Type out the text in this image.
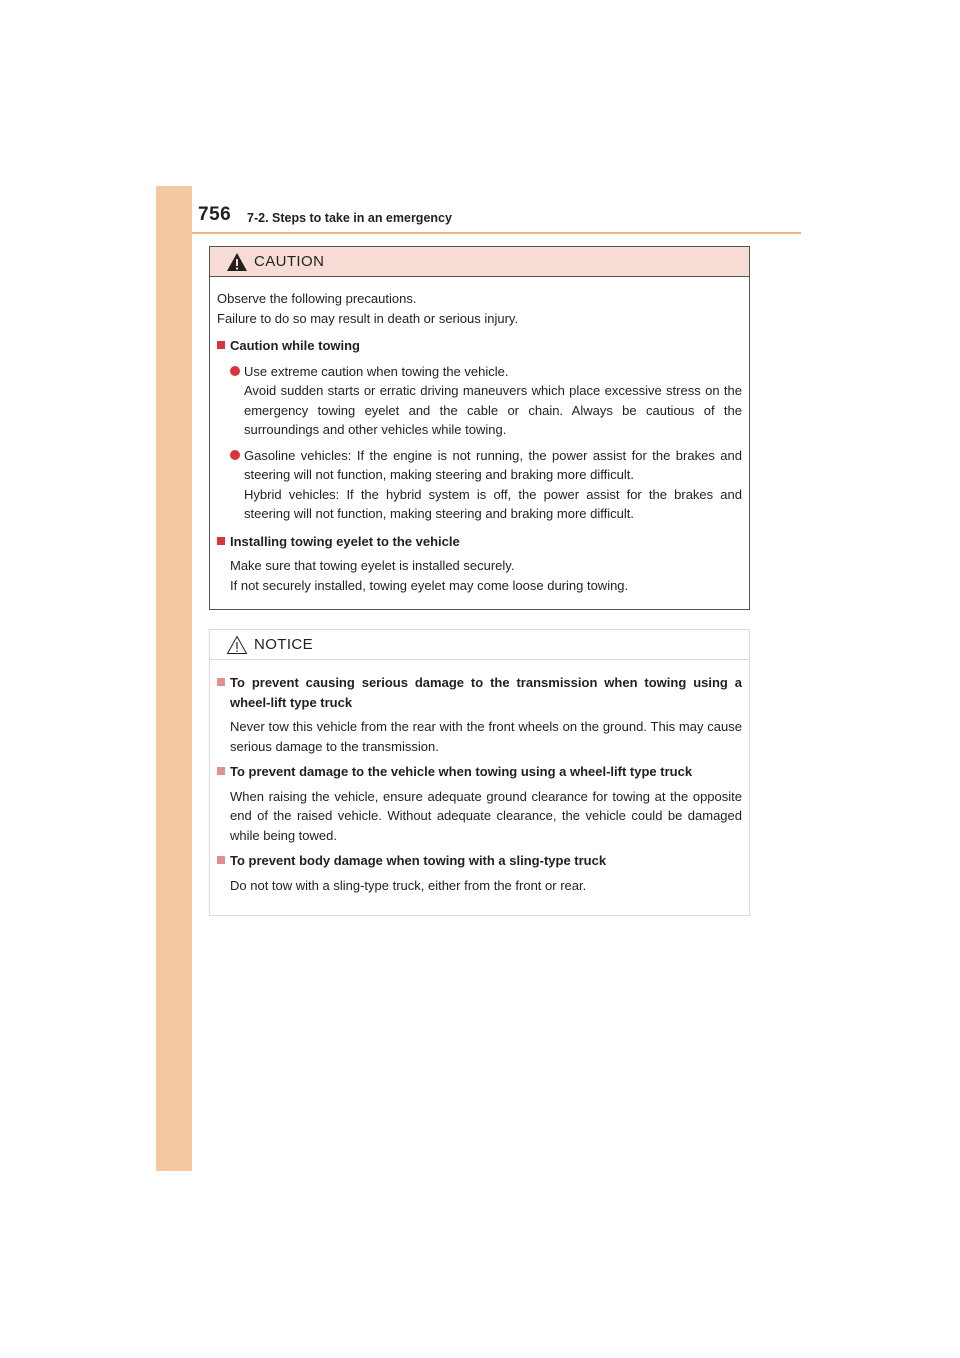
756 7-2. Steps to take in an emergency
CAUTION

Observe the following precautions.

Failure to do so may result in death or serious injury.

Caution while towing

Use extreme caution when towing the vehicle.

Avoid sudden starts or erratic driving maneuvers which place excessive stress on the emergency towing eyelet and the cable or chain. Always be cautious of the surroundings and other vehicles while towing.

Gasoline vehicles: If the engine is not running, the power assist for the brakes and steering will not function, making steering and braking more difficult.

Hybrid vehicles: If the hybrid system is off, the power assist for the brakes and steering will not function, making steering and braking more difficult.

Installing towing eyelet to the vehicle

Make sure that towing eyelet is installed securely.

If not securely installed, towing eyelet may come loose during towing.

NOTICE
To prevent causing serious damage to the transmission when towing using a wheel-lift type truck

Never tow this vehicle from the rear with the front wheels on the ground. This may cause serious damage to the transmission.

To prevent damage to the vehicle when towing using a wheel-lift type truck

When raising the vehicle, ensure adequate ground clearance for towing at the opposite end of the raised vehicle. Without adequate clearance, the vehicle could be damaged while being towed.

To prevent body damage when towing with a sling-type truck

Do not tow with a sling-type truck, either from the front or rear.
